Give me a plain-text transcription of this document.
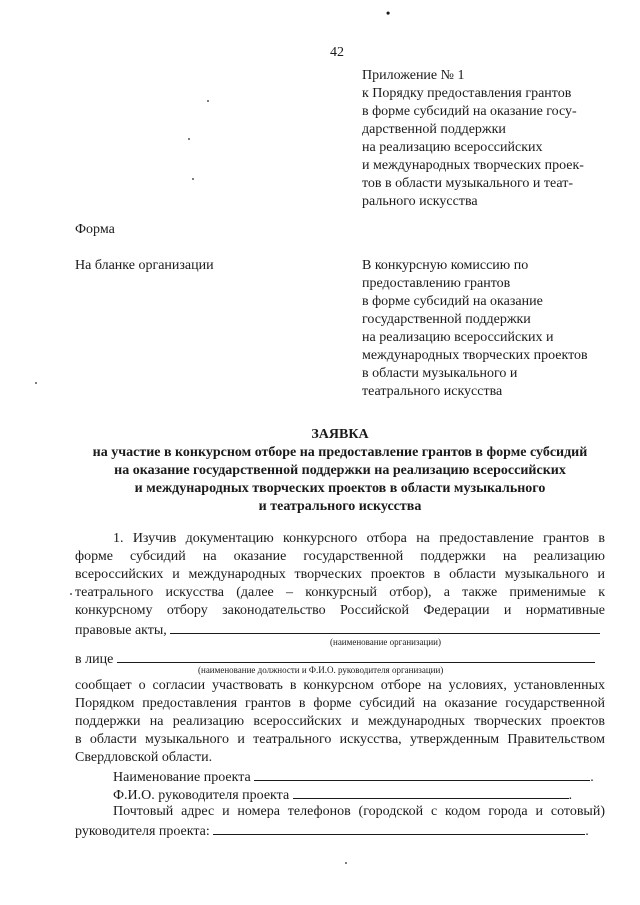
•
42
Приложение № 1
к Порядку предоставления грантов
в форме субсидий на оказание госу-
дарственной поддержки
на реализацию всероссийских
и международных творческих проек-
тов в области музыкального и теат-
рального искусства
Форма
На бланке организации	В конкурсную комиссию по
предоставлению грантов
в форме субсидий на оказание
государственной поддержки
на реализацию всероссийских и
международных творческих проектов
в области музыкального и
театрального искусства
ЗАЯВКА
на участие в конкурсном отборе на предоставление грантов в форме субсидий
на оказание государственной поддержки на реализацию всероссийских
и международных творческих проектов в области музыкального
и театрального искусства
1. Изучив документацию конкурсного отбора на предоставление грантов в
форме субсидий на оказание государственной поддержки на реализацию
всероссийских и международных творческих проектов в области музыкального и
театрального искусства (далее – конкурсный отбор), а также применимые к
конкурсному отбору законодательство Российской Федерации и нормативные
правовые акты,
(наименование организации)
в лице
(наименование должности и Ф.И.О. руководителя организации)
сообщает о согласии участвовать в конкурсном отборе на условиях, установленных
Порядком предоставления грантов в форме субсидий на оказание государственной
поддержки на реализацию всероссийских и международных творческих проектов
в области музыкального и театрального искусства, утвержденным Правительством
Свердловской области.
Наименование проекта	.
Ф.И.О. руководителя проекта	.
Почтовый адрес и номера телефонов (городской с кодом города и сотовый)
руководителя проекта:	.
